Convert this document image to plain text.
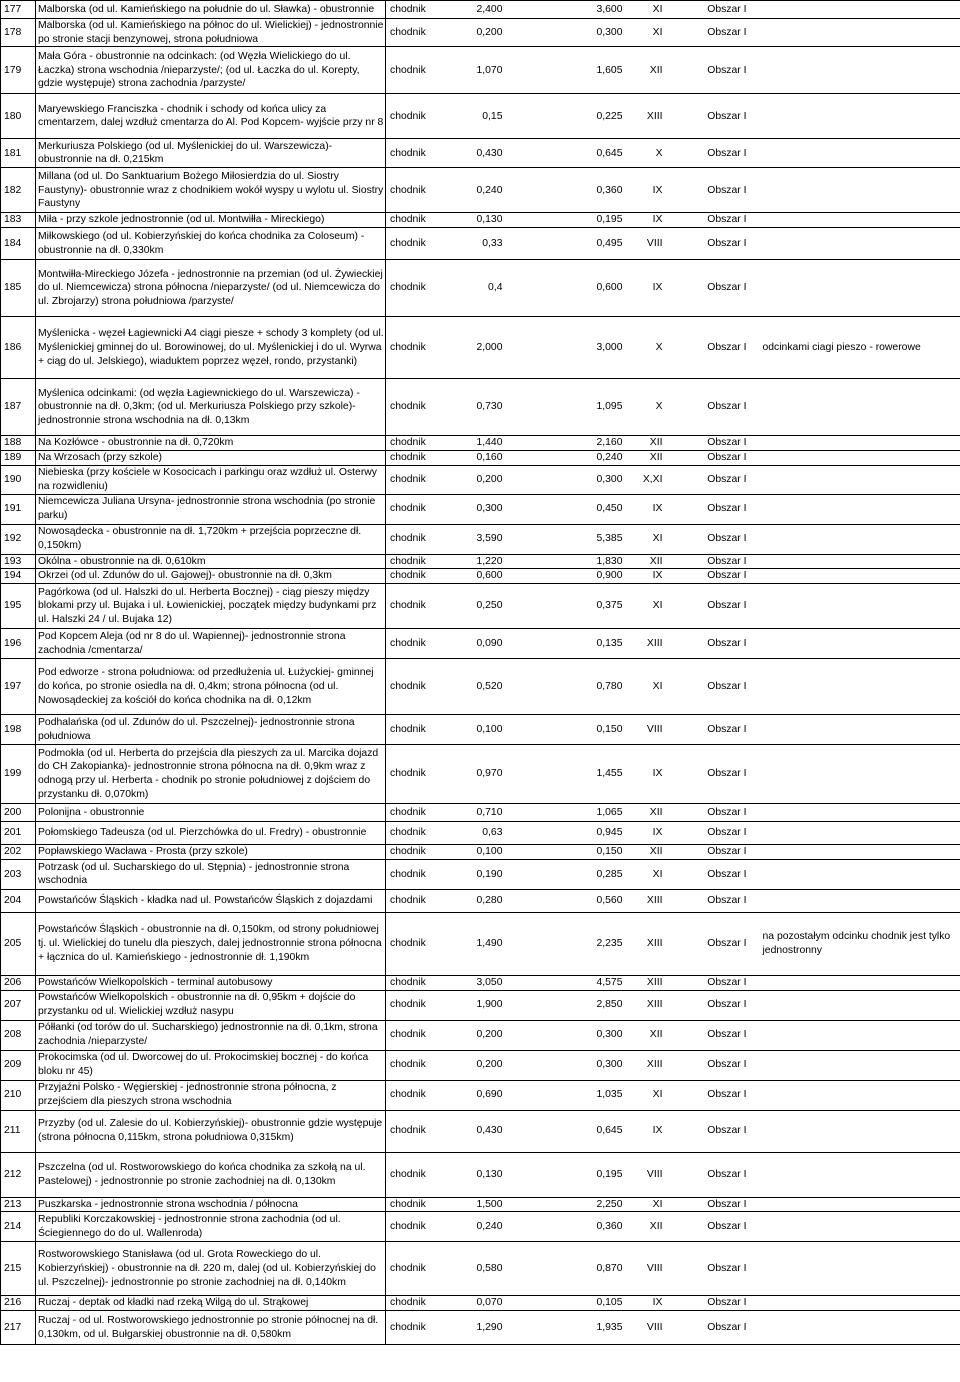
177	Malborska (od ul. Kamieńskiego na południe do ul. Sławka) - obustronnie	chodnik	2,400	3,600	XI	Obszar I	
178	Malborska (od ul. Kamieńskiego na północ do ul. Wielickiej) - jednostronnie po stronie stacji benzynowej, strona południowa	chodnik	0,200	0,300	XI	Obszar I	
179	Mała Góra - obustronnie na odcinkach: (od Węzła Wielickiego do ul. Łaczka) strona wschodnia /nieparzyste/; (od ul. Łaczka do ul. Korepty, gdzie występuje) strona zachodnia /parzyste/	chodnik	1,070	1,605	XII	Obszar I	
180	Maryewskiego Franciszka - chodnik i schody od końca ulicy za cmentarzem, dalej wzdłuż cmentarza do Al. Pod Kopcem- wyjście przy nr 8	chodnik	0,15	0,225	XIII	Obszar I	
181	Merkuriusza Polskiego (od ul. Myślenickiej do ul. Warszewicza)- obustronnie na dł. 0,215km	chodnik	0,430	0,645	X	Obszar I	
182	Millana (od ul. Do Sanktuarium Bożego Miłosierdzia do ul. Siostry Faustyny)- obustronnie wraz z chodnikiem wokół wyspy u wylotu ul. Siostry Faustyny	chodnik	0,240	0,360	IX	Obszar I	
183	Miła - przy szkole jednostronnie (od ul. Montwiłła - Mireckiego)	chodnik	0,130	0,195	IX	Obszar I	
184	Miłkowskiego (od ul. Kobierzyńskiej do końca chodnika za Coloseum) - obustronnie na dł. 0,330km	chodnik	0,33	0,495	VIII	Obszar I	
185	Montwiłła-Mireckiego Józefa - jednostronnie na przemian (od ul. Żywieckiej do ul. Niemcewicza) strona północna /nieparzyste/ (od ul. Niemcewicza do ul. Zbrojarzy) strona południowa /parzyste/	chodnik	0,4	0,600	IX	Obszar I	
186	Myślenicka - węzeł Łagiewnicki A4 ciągi piesze + schody 3 komplety (od ul. Myślenickiej gminnej do ul. Borowinowej, do ul. Myślenickiej i do ul. Wyrwa + ciąg do ul. Jelskiego), wiaduktem poprzez węzeł, rondo, przystanki)	chodnik	2,000	3,000	X	Obszar I	odcinkami ciagi pieszo - rowerowe
187	Myślenica odcinkami: (od węzła Łagiewnickiego do ul. Warszewicza) - obustronnie na dł. 0,3km; (od ul. Merkuriusza Polskiego przy szkole)- jednostronnie strona wschodnia na dł. 0,13km	chodnik	0,730	1,095	X	Obszar I	
188	Na Kozłówce - obustronnie na dł. 0,720km	chodnik	1,440	2,160	XII	Obszar I	
189	Na Wrzosach (przy szkole)	chodnik	0,160	0,240	XII	Obszar I	
190	Niebieska (przy kościele w Kosocicach i parkingu oraz wzdłuż ul. Osterwy na rozwidleniu)	chodnik	0,200	0,300	X,XI	Obszar I	
191	Niemcewicza Juliana Ursyna- jednostronnie strona wschodnia (po stronie parku)	chodnik	0,300	0,450	IX	Obszar I	
192	Nowosądecka - obustronnie na dł. 1,720km + przejścia poprzeczne dł. 0,150km)	chodnik	3,590	5,385	XI	Obszar I	
193	Okólna - obustronnie na dł. 0,610km	chodnik	1,220	1,830	XII	Obszar I	
194	Okrzei (od ul. Zdunów do ul. Gajowej)- obustronnie na dł. 0,3km	chodnik	0,600	0,900	IX	Obszar I	
195	Pagórkowa (od ul. Halszki do ul. Herberta Bocznej) - ciąg pieszy między blokami przy ul. Bujaka i ul. Łowienickiej, początek między budynkami prz ul. Halszki 24 / ul. Bujaka 12)	chodnik	0,250	0,375	XI	Obszar I	
196	Pod Kopcem Aleja (od nr 8 do ul. Wapiennej)- jednostronnie strona zachodnia /cmentarza/	chodnik	0,090	0,135	XIII	Obszar I	
197	Pod edworze - strona południowa: od przedłużenia ul. Łużyckiej- gminnej do końca, po stronie osiedla na dł. 0,4km; strona północna (od ul. Nowosądeckiej za kościół do końca chodnika na dł. 0,12km	chodnik	0,520	0,780	XI	Obszar I	
198	Podhalańska (od ul. Zdunów do ul. Pszczelnej)- jednostronnie strona południowa	chodnik	0,100	0,150	VIII	Obszar I	
199	Podmokła (od ul. Herberta do przejścia dla pieszych za ul. Marcika dojazd do CH Zakopianka)- jednostronnie strona północna na dł. 0,9km wraz z odnogą przy ul. Herberta - chodnik po stronie południowej z dojściem do przystanku dł. 0,070km)	chodnik	0,970	1,455	IX	Obszar I	
200	Polonijna - obustronnie	chodnik	0,710	1,065	XII	Obszar I	
201	Połomskiego Tadeusza (od ul. Pierzchówka do ul. Fredry) - obustronnie	chodnik	0,63	0,945	IX	Obszar I	
202	Popławskiego Wacława - Prosta (przy szkole)	chodnik	0,100	0,150	XII	Obszar I	
203	Potrzask (od ul. Sucharskiego do ul. Stępnia) - jednostronnie strona wschodnia	chodnik	0,190	0,285	XI	Obszar I	
204	Powstańców Śląskich - kładka nad ul. Powstańców Śląskich z dojazdami	chodnik	0,280	0,560	XIII	Obszar I	
205	Powstańców Śląskich - obustronnie na dł. 0,150km, od strony południowej tj. ul. Wielickiej do tunelu dla pieszych, dalej jednostronnie strona północna + łącznica do ul. Kamieńskiego - jednostronnie dł. 1,190km	chodnik	1,490	2,235	XIII	Obszar I	na pozostałym odcinku chodnik jest tylko jednostronny
206	Powstańców Wielkopolskich - terminal autobusowy	chodnik	3,050	4,575	XIII	Obszar I	
207	Powstańców Wielkopolskich - obustronnie na dł. 0,95km + dojście do przystanku od ul. Wielickiej wzdłuż nasypu	chodnik	1,900	2,850	XIII	Obszar I	
208	Półłanki (od torów do ul. Sucharskiego) jednostronnie na dł. 0,1km, strona zachodnia /nieparzyste/	chodnik	0,200	0,300	XII	Obszar I	
209	Prokocimska (od ul. Dworcowej do ul. Prokocimskiej bocznej - do końca bloku nr 45)	chodnik	0,200	0,300	XIII	Obszar I	
210	Przyjaźni Polsko - Węgierskiej - jednostronnie strona północna, z przejściem dla pieszych strona wschodnia	chodnik	0,690	1,035	XI	Obszar I	
211	Przyzby (od ul. Zalesie do ul. Kobierzyńskiej)- obustronnie gdzie występuje (strona północna 0,115km, strona południowa 0,315km)	chodnik	0,430	0,645	IX	Obszar I	
212	Pszczelna (od ul. Rostworowskiego do końca chodnika za szkołą na ul. Pastelowej) - jednostronnie po stronie zachodniej na dł. 0,130km	chodnik	0,130	0,195	VIII	Obszar I	
213	Puszkarska - jednostronnie strona wschodnia / północna	chodnik	1,500	2,250	XI	Obszar I	
214	Republiki Korczakowskiej - jednostronnie strona zachodnia (od ul. Ściegiennego do do ul. Wallenroda)	chodnik	0,240	0,360	XII	Obszar I	
215	Rostworowskiego Stanisława (od ul. Grota Roweckiego do ul. Kobierzyńskiej) - obustronnie na dł. 220 m, dalej (od ul. Kobierzyńskiej do ul. Pszczelnej)- jednostronnie po stronie zachodniej na dł. 0,140km	chodnik	0,580	0,870	VIII	Obszar I	
216	Ruczaj - deptak od kładki nad rzeką Wilgą do ul. Strąkowej	chodnik	0,070	0,105	IX	Obszar I	
217	Ruczaj - od ul. Rostworowskiego jednostronnie po stronie północnej na dł. 0,130km, od ul. Bułgarskiej obustronnie na dł. 0,580km	chodnik	1,290	1,935	VIII	Obszar I	
